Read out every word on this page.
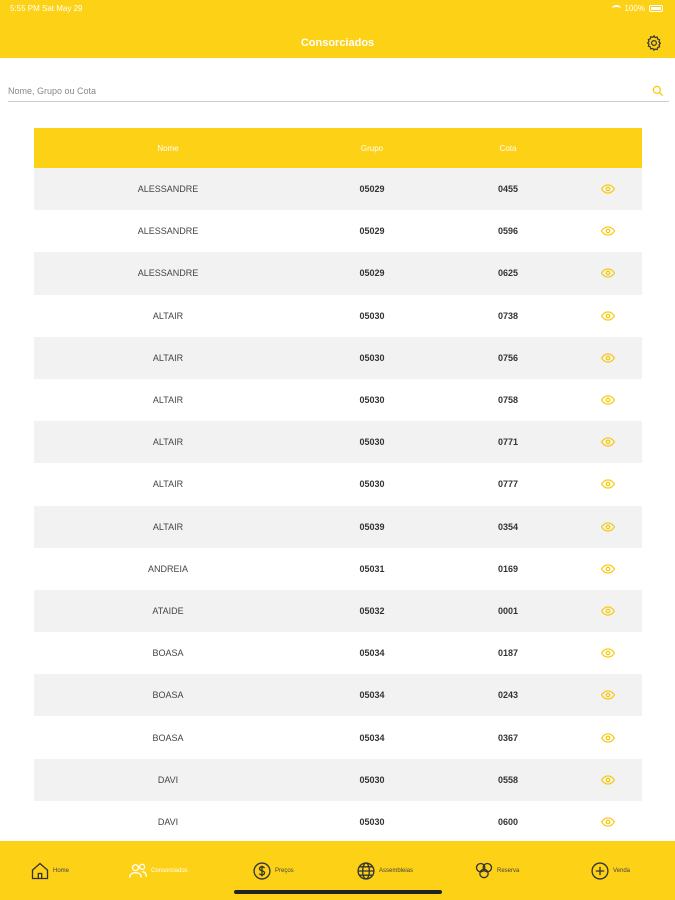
5:55 PM Sat May 29	100%
Consorciados
Nome, Grupo ou Cota
Nome	Grupo	Cota
ALESSANDRE	05029	0455
ALESSANDRE	05029	0596
ALESSANDRE	05029	0625
ALTAIR	05030	0738
ALTAIR	05030	0756
ALTAIR	05030	0758
ALTAIR	05030	0771
ALTAIR	05030	0777
ALTAIR	05039	0354
ANDREIA	05031	0169
ATAIDE	05032	0001
BOASA	05034	0187
BOASA	05034	0243
BOASA	05034	0367
DAVI	05030	0558
DAVI	05030	0600
Home	Consorciados	Preços	Assembleias	Reserva	Venda
